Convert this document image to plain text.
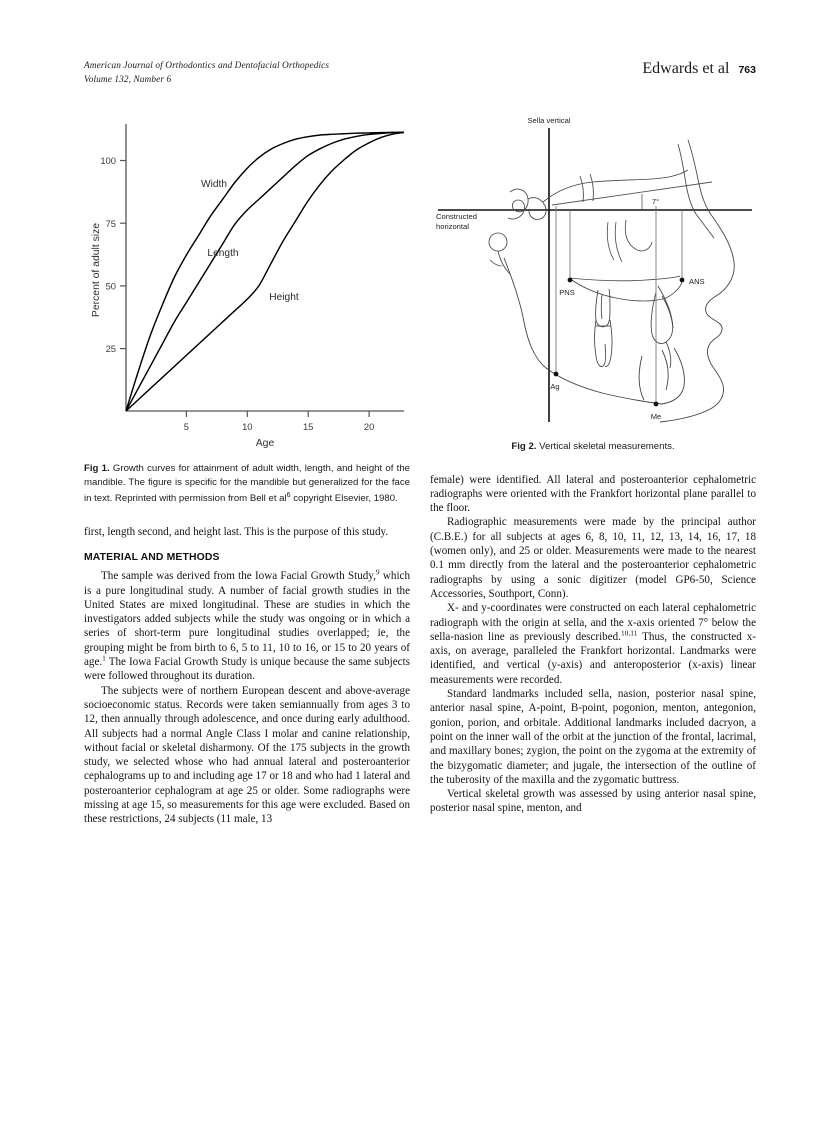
American Journal of Orthodontics and Dentofacial Orthopedics
Volume 132, Number 6
Edwards et al 763
100
75
50
25
5	10	15	20
Age
Percent of adult size
Width
Length
Height
Fig 1. Growth curves for attainment of adult width, length, and height of the mandible. The figure is specific for the mandible but generalized for the face in text. Reprinted with permission from Bell et $al^6$ copyright Elsevier, 1980.

first, length second, and height last. This is the purpose of this study.

MATERIAL AND METHODS

The sample was derived from the Iowa Facial Growth Study,$^9$ which is a pure longitudinal study. A number of facial growth studies in the United States are mixed longitudinal. These are studies in which the investigators added subjects while the study was ongoing or in which a series of short-term pure longitudinal studies overlapped; ie, the grouping might be from birth to 6, 5 to 11, 10 to 16, or 15 to 20 years of age.$^1$ The Iowa Facial Growth Study is unique because the same subjects were followed throughout its duration.

The subjects were of northern European descent and above-average socioeconomic status. Records were taken semiannually from ages 3 to 12, then annually through adolescence, and once during early adulthood. All subjects had a normal Angle Class I molar and canine relationship, without facial or skeletal disharmony. Of the 175 subjects in the growth study, we selected whose who had annual lateral and posteroanterior cephalograms up to and including age 17 or 18 and who had 1 lateral and posteroanterior cephalogram at age 25 or older. Some radiographs were missing at age 15, so measurements for this age were excluded. Based on these restrictions, 24 subjects (11 male, 13

Sella vertical
Constructed
horizontal
7°
PNS
ANS
Ag
Me
Fig 2. Vertical skeletal measurements.

female) were identified. All lateral and posteroanterior cephalometric radiographs were oriented with the Frankfort horizontal plane parallel to the floor.

Radiographic measurements were made by the principal author (C.B.E.) for all subjects at ages 6, 8, 10, 11, 12, 13, 14, 16, 17, 18 (women only), and 25 or older. Measurements were made to the nearest 0.1 mm directly from the lateral and the posteroanterior cephalometric radiographs by using a sonic digitizer (model GP6-50, Science Accessories, Southport, Conn).

X- and y-coordinates were constructed on each lateral cephalometric radiograph with the origin at sella, and the x-axis oriented 7° below the sella-nasion line as previously described.$^{10,11}$ Thus, the constructed x-axis, on average, paralleled the Frankfort horizontal. Landmarks were identified, and vertical (y-axis) and anteroposterior (x-axis) linear measurements were recorded.

Standard landmarks included sella, nasion, posterior nasal spine, anterior nasal spine, A-point, B-point, pogonion, menton, antegonion, gonion, porion, and orbitale. Additional landmarks included dacryon, a point on the inner wall of the orbit at the junction of the frontal, lacrimal, and maxillary bones; zygion, the point on the zygoma at the extremity of the bizygomatic diameter; and jugale, the intersection of the outline of the tuberosity of the maxilla and the zygomatic buttress.

Vertical skeletal growth was assessed by using anterior nasal spine, posterior nasal spine, menton, and
